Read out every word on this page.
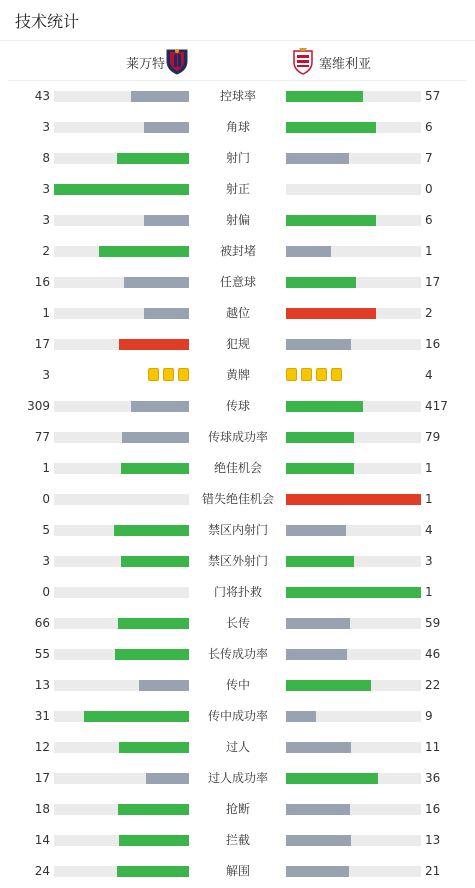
技术统计
莱万特	塞维利亚
43	控球率	57
3	角球	6
8	射门	7
3	射正	0
3	射偏	6
2	被封堵	1
16	任意球	17
1	越位	2
17	犯规	16
3	黄牌	4
309	传球	417
77	传球成功率	79
1	绝佳机会	1
0	错失绝佳机会	1
5	禁区内射门	4
3	禁区外射门	3
0	门将扑救	1
66	长传	59
55	长传成功率	46
13	传中	22
31	传中成功率	9
12	过人	11
17	过人成功率	36
18	抢断	16
14	拦截	13
24	解围	21
